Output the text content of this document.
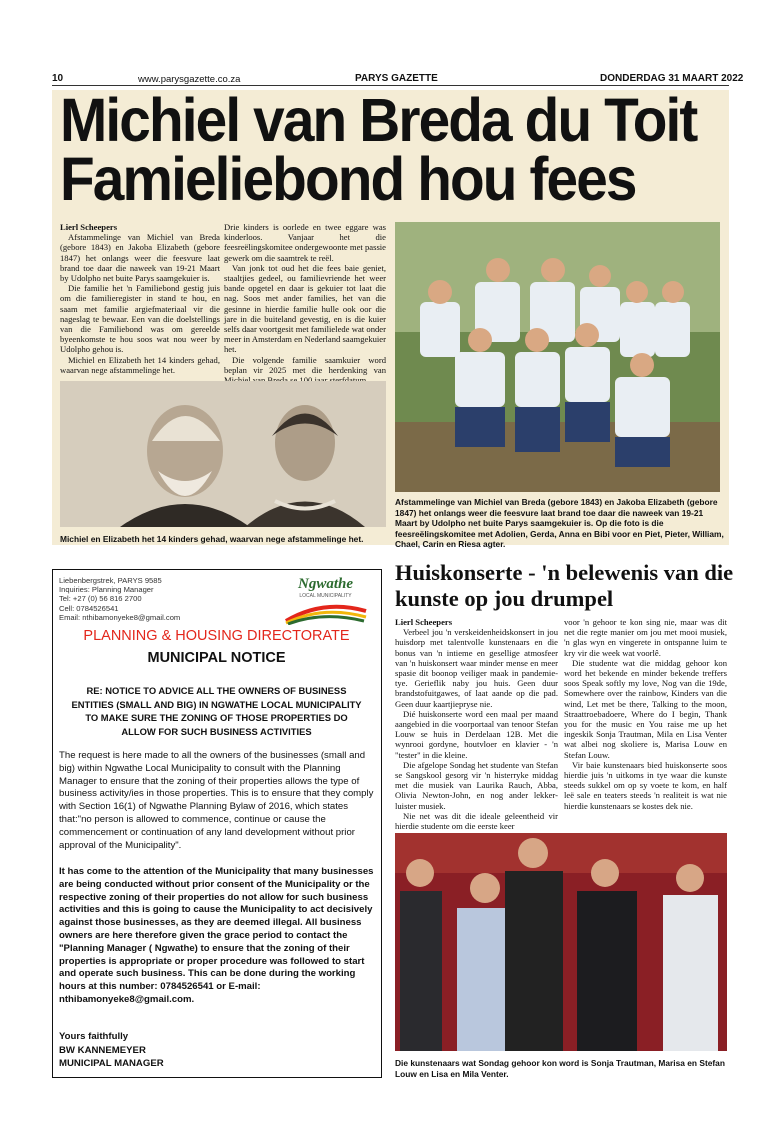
10	www.parysgazette.co.za	PARYS GAZETTE	DONDERDAG 31 MAART 2022
Michiel van Breda du Toit
Famieliebond hou fees

Lierl Scheepers

Afstammelinge van Michiel van Breda (gebore 1843) en Jakoba Elizabeth (gebore 1847) het onlangs weer die feesvure laat brand toe daar die naweek van 19-21 Maart by Udolpho net buite Parys saamgekuier is.

Die familie het 'n Familiebond gestig juis om die familieregister in stand te hou, en saam met familie argiefmateriaal vir die nageslag te bewaar. Een van die doelstellings van die Familiebond was om gereelde byeenkomste te hou soos wat nou weer by Udolpho gehou is.

Michiel en Elizabeth het 14 kinders gehad, waarvan nege afstammelinge het.

Drie kinders is oorlede en twee eggare was kinderloos. Vanjaar het die feesreëlingskomitee ondergewoonte met passie gewerk om die saamtrek te reël.

Van jonk tot oud het die fees baie geniet, staaltjies gedeel, ou familievriende het weer bande opgetel en daar is gekuier tot laat die nag. Soos met ander families, het van die gesinne in hierdie familie hulle ook oor die jare in die buiteland gevestig, en is die kuier selfs daar voortgesit met familielede wat onder meer in Amsterdam en Nederland saamgekuier het.

Die volgende familie saamkuier word beplan vir 2025 met die herdenking van

Michiel en Elizabeth het 14 kinders gehad, waarvan nege afstammelinge het.
Afstammelinge van Michiel van Breda (gebore 1843) en Jakoba Elizabeth (gebore 1847) het onlangs weer die feesvure laat brand toe daar die naweek van 19-21 Maart by Udolpho net buite Parys saamgekuier is. Op die foto is die feesreëlingskomitee met Adolien, Gerda, Anna en Bibi voor en Piet, Pieter, William, Chael, Carin en Riesa agter.
Liebenbergstrek, PARYS 9585
Inquiries: Planning Manager
Tel: +27 (0) 56 816 2700
Cell: 0784526541
Email: nthibamonyeke8@gmail.com
Ngwathe
LOCAL MUNICIPALITY
PLANNING & HOUSING DIRECTORATE
MUNICIPAL NOTICE
RE: NOTICE TO ADVICE ALL THE OWNERS OF BUSINESS ENTITIES (SMALL AND BIG) IN NGWATHE LOCAL MUNICIPALITY TO MAKE SURE THE ZONING OF THOSE PROPERTIES DO ALLOW FOR SUCH BUSINESS ACTIVITIES
The request is here made to all the owners of the businesses (small and big) within Ngwathe Local Municipality to consult with the Planning Manager to ensure that the zoning of their properties allows the type of business activity/ies in those properties. This is to ensure that they comply with Section 16(1) of Ngwathe Planning Bylaw of 2016, which states that:"no person is allowed to commence, continue or cause the commencement or continuation of any land development without prior approval of the Municipality".
It has come to the attention of the Municipality that many businesses are being conducted without prior consent of the Municipality or the respective zoning of their properties do not allow for such business activities and this is going to cause the Municipality to act decisively against those businesses, as they are deemed illegal. All business owners are here therefore given the grace period to contact the "Planning Manager ( Ngwathe) to ensure that the zoning of their properties is appropriate or proper procedure was followed to start and operate such business. This can be done during the working hours at this number: 0784526541 or E-mail: nthibamonyeke8@gmail.com.
Yours faithfully
BW KANNEMEYER
MUNICIPAL MANAGER
Huiskonserte - 'n belewenis van die kunste op jou drumpel

Lierl Scheepers

Verbeel jou 'n verskeidenheidskonsert in jou huisdorp met talentvolle kunstenaars en die bonus van 'n intieme en gesellige atmosfeer van 'n huiskonsert waar minder mense en meer spasie dit boonop veiliger maak in pandemie-tye. Gerieflik naby jou huis. Geen duur brandstofuitgawes, of laat aande op die pad. Geen duur kaartjiepryse nie.

Dié huiskonserte word een maal per maand aangebied in die voorportaal van tenoor Stefan Louw se huis in Derdelaan 12B. Met die wynrooi gordyne, houtvloer en klavier - 'n "tester" in die kleine.

Die afgelope Sondag het studente van Stefan se Sangskool gesorg vir 'n histerryke middag met die musiek van Laurika Rauch, Abba, Olivia Newton-John, en nog ander lekker-luister musiek.

Nie net was dit die ideale geleentheid vir hierdie studente om die eerste keer

voor 'n gehoor te kon sing nie, maar was dit net die regte manier om jou met mooi musiek, 'n glas wyn en vingerete in ontspanne luim te kry vir die week wat voorlê.

Die studente wat die middag gehoor kon word het bekende en minder bekende treffers soos Speak softly my love, Nog van die 19de, Somewhere over the rainbow, Kinders van die wind, Let met be there, Talking to the moon, Straattroebadoere, Where do I begin, Thank you for the music en You raise me up het ingeskik Sonja Trautman, Mila en Lisa Venter wat albei nog skoliere is, Marisa Louw en Stefan Louw.

Vir baie kunstenaars bied huiskonserte soos hierdie juis 'n uitkoms in tye waar die kunste steeds sukkel om op sy voete te kom, en half leë sale en teaters steeds 'n realiteit is wat nie hierdie kunstenaars se kostes dek nie.

Die kunstenaars wat Sondag gehoor kon word is Sonja Trautman, Marisa en Stefan Louw en Lisa en Mila Venter.
